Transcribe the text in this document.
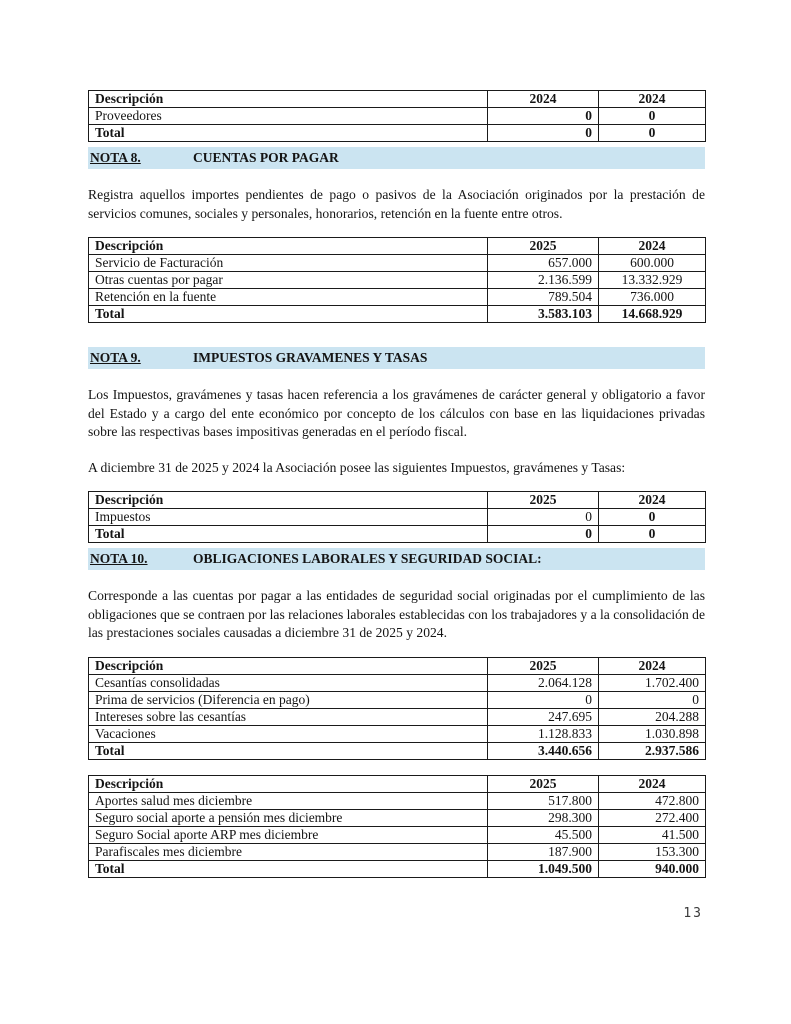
Descripción	2024	2024
Proveedores	0	0
Total	0	0
NOTA 8.	CUENTAS POR PAGAR

Registra aquellos importes pendientes de pago o pasivos de la Asociación originados por la prestación de servicios comunes, sociales y personales, honorarios, retención en la fuente entre otros.

Descripción	2025	2024
Servicio de Facturación	657.000	600.000
Otras cuentas por pagar	2.136.599	13.332.929
Retención en la fuente	789.504	736.000
Total	3.583.103	14.668.929
NOTA 9.	IMPUESTOS GRAVAMENES Y TASAS

Los Impuestos, gravámenes y tasas hacen referencia a los gravámenes de carácter general y obligatorio a favor del Estado y a cargo del ente económico por concepto de los cálculos con base en las liquidaciones privadas sobre las respectivas bases impositivas generadas en el período fiscal.

A diciembre 31 de 2025 y 2024 la Asociación posee las siguientes Impuestos, gravámenes y Tasas:

Descripción	2025	2024
Impuestos	0	0
Total	0	0
NOTA 10.	OBLIGACIONES LABORALES Y SEGURIDAD SOCIAL:

Corresponde a las cuentas por pagar a las entidades de seguridad social originadas por el cumplimiento de las obligaciones que se contraen por las relaciones laborales establecidas con los trabajadores y a la consolidación de las prestaciones sociales causadas a diciembre 31 de 2025 y 2024.

Descripción	2025	2024
Cesantías consolidadas	2.064.128	1.702.400
Prima de servicios (Diferencia en pago)	0	0
Intereses sobre las cesantías	247.695	204.288
Vacaciones	1.128.833	1.030.898
Total	3.440.656	2.937.586
Descripción	2025	2024
Aportes salud mes diciembre	517.800	472.800
Seguro social aporte a pensión mes diciembre	298.300	272.400
Seguro Social aporte ARP mes diciembre	45.500	41.500
Parafiscales mes diciembre	187.900	153.300
Total	1.049.500	940.000
13
